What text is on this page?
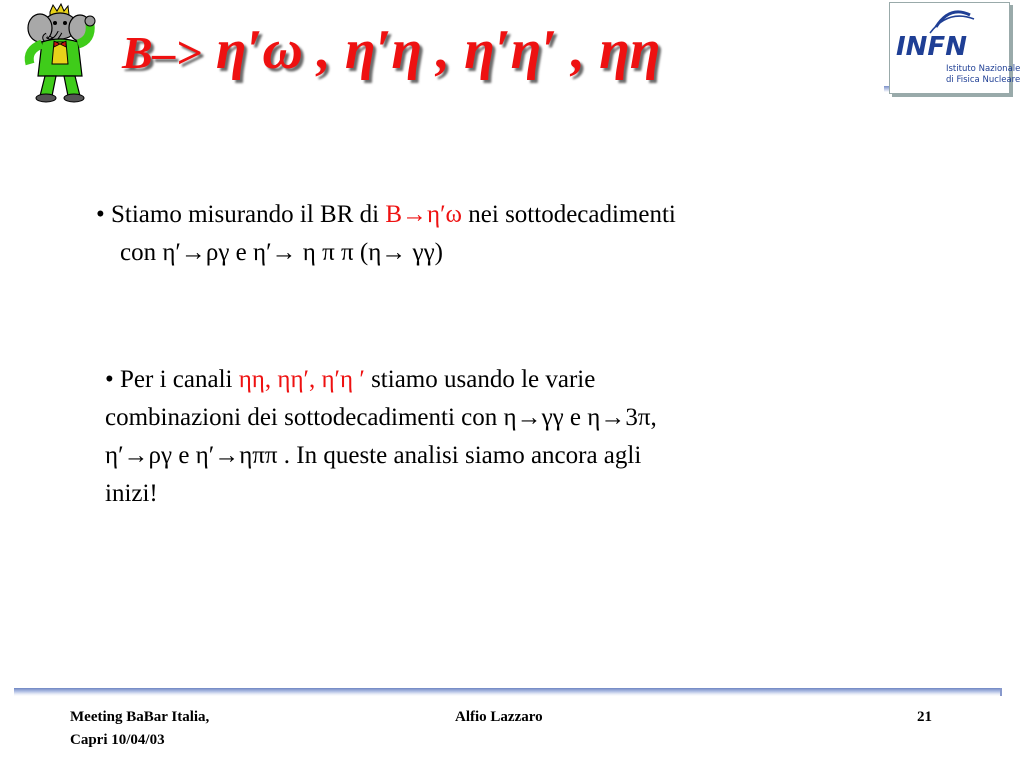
B–> η′ω , η′η , η′η′ , ηη	INFN
Istituto Nazionale
di Fisica Nucleare
• Stiamo misurando il BR di B→η′ω nei sottodecadimenti
con η′→ργ e η′→ η π π (η→ γγ)
• Per i canali ηη, ηη′, η′η ′ stiamo usando le varie
combinazioni dei sottodecadimenti con η→γγ e η→3π,
η′→ργ e η′→ηππ . In queste analisi siamo ancora agli
inizi!
Meeting BaBar Italia,
Capri 10/04/03
Alfio Lazzaro	21
